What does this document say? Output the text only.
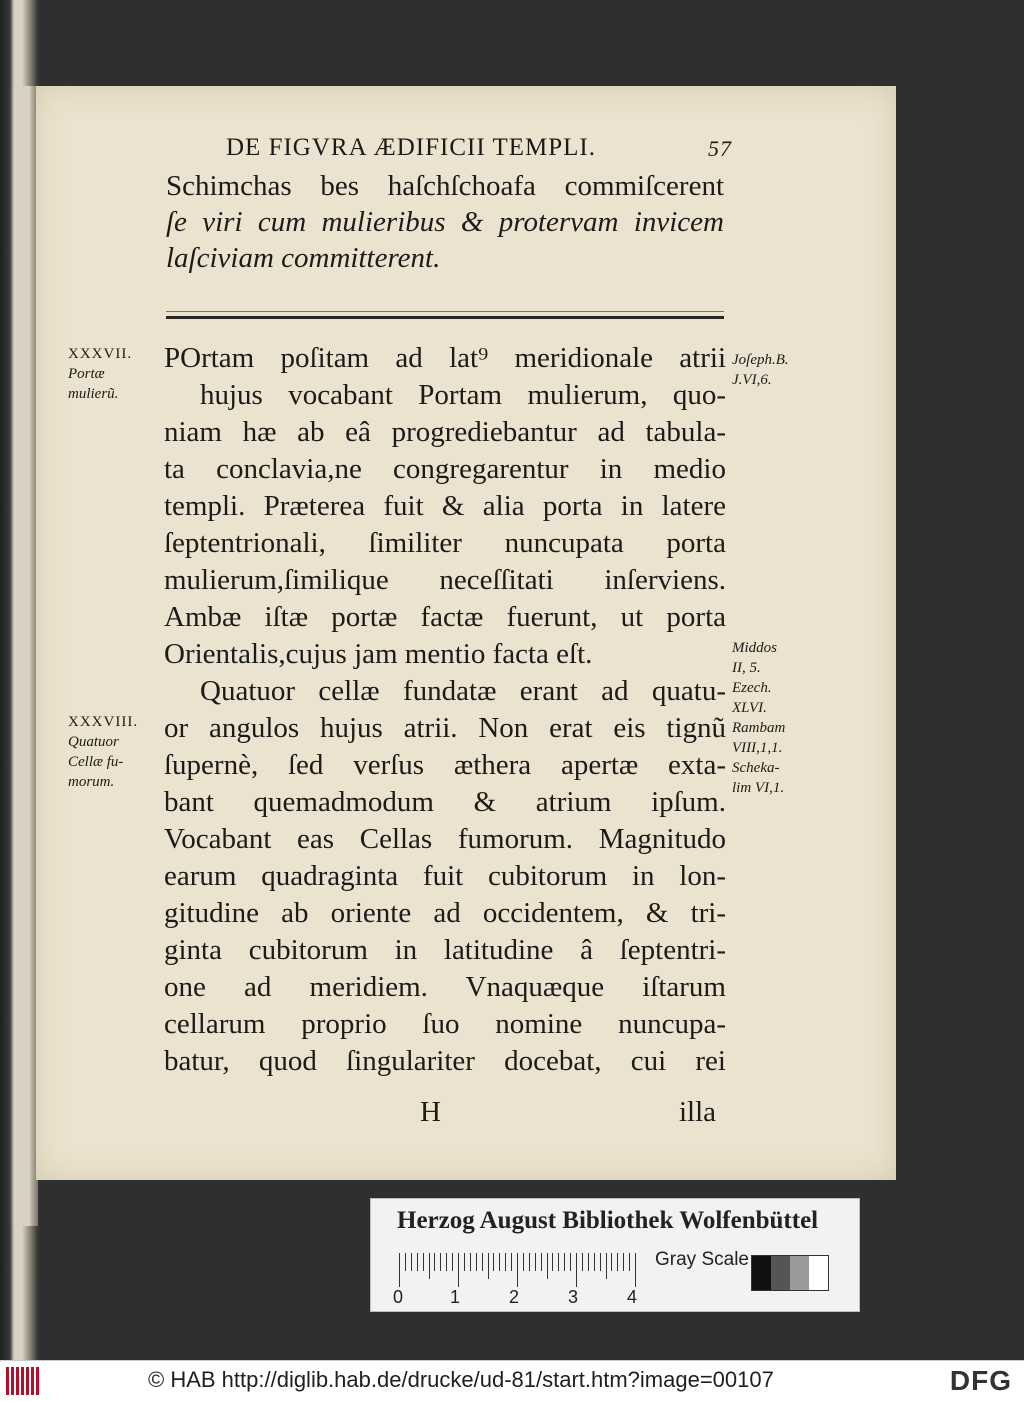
DE FIGVRA ÆDIFICII TEMPLI.	57
Schimchas bes haſchſchoafa commiſcerent
ſe viri cum mulieribus & protervam invicem
laſciviam committerent.
POrtam poſitam ad lat⁹ meridionale atrii
hujus vocabant Portam mulierum, quo-
niam hæ ab eâ progrediebantur ad tabula-
ta conclavia,ne congregarentur in medio
templi. Præterea fuit & alia porta in latere
ſeptentrionali, ſimiliter nuncupata porta
mulierum,ſimilique neceſſitati inſerviens.
Ambæ iſtæ portæ factæ fuerunt, ut porta
Orientalis,cujus jam mentio facta eſt.
Quatuor cellæ fundatæ erant ad quatu-
or angulos hujus atrii. Non erat eis tignũ
ſupernè, ſed verſus æthera apertæ exta-
bant quemadmodum & atrium ipſum.
Vocabant eas Cellas fumorum. Magnitudo
earum quadraginta fuit cubitorum in lon-
gitudine ab oriente ad occidentem, & tri-
ginta cubitorum in latitudine â ſeptentri-
one ad meridiem. Vnaquæque iſtarum
cellarum proprio ſuo nomine nuncupa-
batur, quod ſingulariter docebat, cui rei
H	illa
XXXVII.
Portæ
mulierũ.
XXXVIII.
Quatuor
Cellæ fu-
morum.
Joſeph.B.
J.VI,6.
Middos
II, 5.
Ezech.
XLVI.
Rambam
VIII,1,1.
Scheka-
lim VI,1.
Herzog August Bibliothek Wolfenbüttel
0	1	2	3	4
Gray Scale
© HAB http://diglib.hab.de/drucke/ud-81/start.htm?image=00107	DFG
